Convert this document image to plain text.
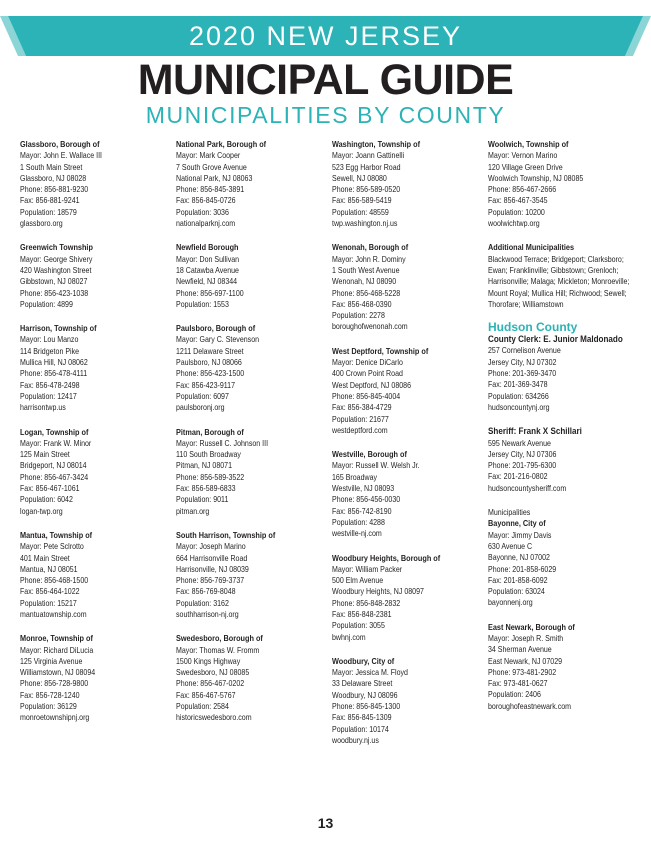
2020 NEW JERSEY
MUNICIPAL GUIDE
MUNICIPALITIES BY COUNTY
Glassboro, Borough of
Mayor: John E. Wallace III
1 South Main Street
Glassboro, NJ 08028
Phone: 856-881-9230
Fax: 856-881-9241
Population: 18579
glassboro.org
Greenwich Township
Mayor: George Shivery
420 Washington Street
Gibbstown, NJ 08027
Phone: 856-423-1038
Population: 4899
Harrison, Township of
Mayor: Lou Manzo
114 Bridgeton Pike
Mullica Hill, NJ 08062
Phone: 856-478-4111
Fax: 856-478-2498
Population: 12417
harrisontwp.us
Logan, Township of
Mayor: Frank W. Minor
125 Main Street
Bridgeport, NJ 08014
Phone: 856-467-3424
Fax: 856-467-1061
Population: 6042
logan-twp.org
Mantua, Township of
Mayor: Pete Sclrotto
401 Main Street
Mantua, NJ 08051
Phone: 856-468-1500
Fax: 856-464-1022
Population: 15217
mantuatownship.com
Monroe, Township of
Mayor: Richard DiLucia
125 Virginia Avenue
Williamstown, NJ 08094
Phone: 856-728-9800
Fax: 856-728-1240
Population: 36129
monroetownshipnj.org
National Park, Borough of
Mayor: Mark Cooper
7 South Grove Avenue
National Park, NJ 08063
Phone: 856-845-3891
Fax: 856-845-0726
Population: 3036
nationalparknj.com
Newfield Borough
Mayor: Don Sullivan
18 Catawba Avenue
Newfield, NJ 08344
Phone: 856-697-1100
Population: 1553
Paulsboro, Borough of
Mayor: Gary C. Stevenson
1211 Delaware Street
Paulsboro, NJ 08066
Phone: 856-423-1500
Fax: 856-423-9117
Population: 6097
paulsboronj.org
Pitman, Borough of
Mayor: Russell C. Johnson III
110 South Broadway
Pitman, NJ 08071
Phone: 856-589-3522
Fax: 856-589-6833
Population: 9011
pitman.org
South Harrison, Township of
Mayor: Joseph Marino
664 Harrisonville Road
Harrisonville, NJ 08039
Phone: 856-769-3737
Fax: 856-769-8048
Population: 3162
southharrison-nj.org
Swedesboro, Borough of
Mayor: Thomas W. Fromm
1500 Kings Highway
Swedesboro, NJ 08085
Phone: 856-467-0202
Fax: 856-467-5767
Population: 2584
historicswedesboro.com
Washington, Township of
Mayor: Joann Gattinelli
523 Egg Harbor Road
Sewell, NJ 08080
Phone: 856-589-0520
Fax: 856-589-5419
Population: 48559
twp.washington.nj.us
Wenonah, Borough of
Mayor: John R. Dominy
1 South West Avenue
Wenonah, NJ 08090
Phone: 856-468-5228
Fax: 856-468-0390
Population: 2278
boroughofwenonah.com
West Deptford, Township of
Mayor: Denice DiCarlo
400 Crown Point Road
West Deptford, NJ 08086
Phone: 856-845-4004
Fax: 856-384-4729
Population: 21677
westdeptford.com
Westville, Borough of
Mayor: Russell W. Welsh Jr.
165 Broadway
Westville, NJ 08093
Phone: 856-456-0030
Fax: 856-742-8190
Population: 4288
westville-nj.com
Woodbury Heights, Borough of
Mayor: William Packer
500 Elm Avenue
Woodbury Heights, NJ 08097
Phone: 856-848-2832
Fax: 856-848-2381
Population: 3055
bwhnj.com
Woodbury, City of
Mayor: Jessica M. Floyd
33 Delaware Street
Woodbury, NJ 08096
Phone: 856-845-1300
Fax: 856-845-1309
Population: 10174
woodbury.nj.us
Woolwich, Township of
Mayor: Vernon Marino
120 Village Green Drive
Woolwich Township, NJ 08085
Phone: 856-467-2666
Fax: 856-467-3545
Population: 10200
woolwichtwp.org
Additional Municipalities
Blackwood Terrace; Bridgeport; Clarksboro;
Ewan; Franklinville; Gibbstown; Grenloch;
Harrisonville; Malaga; Mickleton; Monroeville;
Mount Royal; Mullica Hill; Richwood; Sewell;
Thorofare; Williamstown
Hudson County
County Clerk: E. Junior Maldonado
257 Cornelison Avenue
Jersey City, NJ 07302
Phone: 201-369-3470
Fax: 201-369-3478
Population: 634266
hudsoncountynj.org
Sheriff: Frank X Schillari
595 Newark Avenue
Jersey City, NJ 07306
Phone: 201-795-6300
Fax: 201-216-0802
hudsoncountysheriff.com
Municipalities
Bayonne, City of
Mayor: Jimmy Davis
630 Avenue C
Bayonne, NJ 07002
Phone: 201-858-6029
Fax: 201-858-6092
Population: 63024
bayonnenj.org
East Newark, Borough of
Mayor: Joseph R. Smith
34 Sherman Avenue
East Newark, NJ 07029
Phone: 973-481-2902
Fax: 973-481-0627
Population: 2406
boroughofeastnewark.com
13
